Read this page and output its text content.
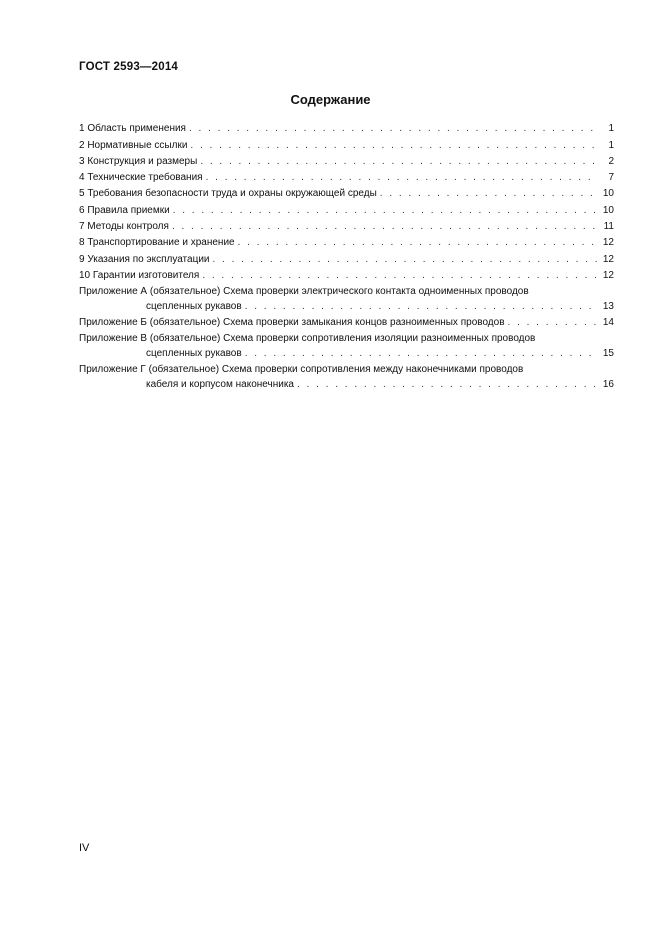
ГОСТ 2593—2014
Содержание
1 Область применения . . .	1
2 Нормативные ссылки . . .	1
3 Конструкция и размеры . . .	2
4 Технические требования . . .	7
5 Требования безопасности труда и охраны окружающей среды . . .	10
6 Правила приемки . . .	10
7 Методы контроля . . .	11
8 Транспортирование и хранение . . .	12
9 Указания по эксплуатации . . .	12
10 Гарантии изготовителя . . .	12
Приложение А (обязательное) Схема проверки электрического контакта одноименных проводов
сцепленных рукавов . . .	13
Приложение Б (обязательное) Схема проверки замыкания концов разноименных проводов . . .	14
Приложение В (обязательное) Схема проверки сопротивления изоляции разноименных проводов
сцепленных рукавов . . .	15
Приложение Г (обязательное) Схема проверки сопротивления между наконечниками проводов
кабеля и корпусом наконечника . . .	16
IV
